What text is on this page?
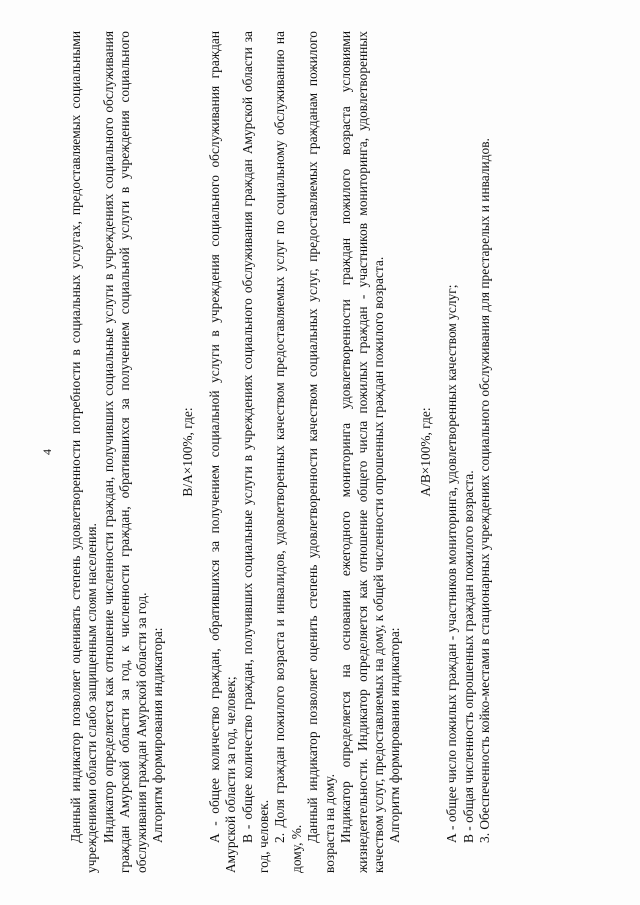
4 Данный индикатор позволяет оценивать степень удовлетворенности потребности в социальных услугах, предоставляемых социальными учреждениями области слабо защищенным слоям населения. Индикатор определяется как отношение численности граждан, получивших социальные услуги в учреждениях социального обслуживания граждан Амурской области за год, к численности граждан, обратившихся за получением социальной услуги в учреждения социального обслуживания граждан Амурской области за год. Алгоритм формирования индикатора:

B/A×100%, где: А - общее количество граждан, обратившихся за получением социальной услуги в учреждения социального обслуживания граждан Амурской области за год, человек; В - общее количество граждан, получивших социальные услуги в учреждениях социального обслуживания граждан Амурской области за год, человек. 2. Доля граждан пожилого возраста и инвалидов, удовлетворенных качеством предоставляемых услуг по социальному обслуживанию на дому, %.

Данный индикатор позволяет оценить степень удовлетворенности качеством социальных услуг, предоставляемых гражданам пожилого возраста на дому. Индикатор определяется на основании ежегодного мониторинга удовлетворенности граждан пожилого возраста условиями жизнедеятельности. Индикатор определяется как отношение общего числа пожилых граждан - участников мониторинга, удовлетворенных качеством услуг, предоставляемых на дому, к общей численности опрошенных граждан пожилого возраста. Алгоритм формирования индикатора:

A/B×100%, где: А - общее число пожилых граждан - участников мониторинга, удовлетворенных качеством услуг; В - общая численность опрошенных граждан пожилого возраста. 3. Обеспеченность койко-местами в стационарных учреждениях социального обслуживания для престарелых и инвалидов.
